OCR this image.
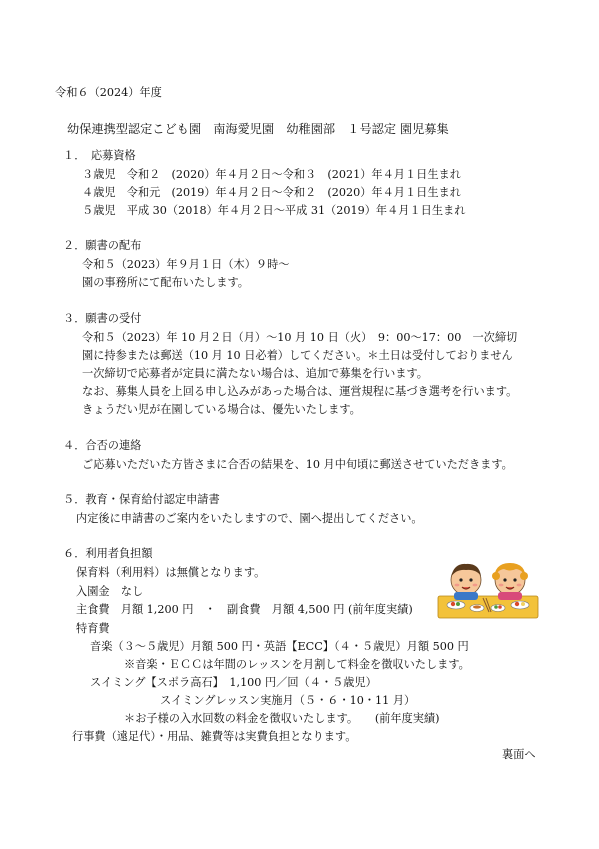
令和６（2024）年度
幼保連携型認定こども園　南海愛児園　幼稚園部　１号認定 園児募集
１．　応募資格
３歳児　令和２　(2020）年４月２日～令和３　(2021）年４月１日生まれ
４歳児　令和元　(2019）年４月２日～令和２　(2020）年４月１日生まれ
５歳児　平成 30（2018）年４月２日～平成 31（2019）年４月１日生まれ
２．願書の配布
令和５（2023）年９月１日（木）９時～
園の事務所にて配布いたします。
３．願書の受付
令和５（2023）年 10 月２日（月）～10 月 10 日（火）　9：00～17：00　一次締切
園に持参または郵送（10 月 10 日必着）してください。＊土日は受付しておりません
一次締切で応募者が定員に満たない場合は、追加で募集を行います。
なお、募集人員を上回る申し込みがあった場合は、運営規程に基づき選考を行います。
きょうだい児が在園している場合は、優先いたします。
４．合否の連絡
ご応募いただいた方皆さまに合否の結果を、10 月中旬頃に郵送させていただきます。
５．教育・保育給付認定申請書
内定後に申請書のご案内をいたしますので、園へ提出してください。
６．利用者負担額
保育料（利用料）は無償となります。
入園金　なし
主食費　月額 1,200 円　・　副食費　月額 4,500 円 (前年度実績)
特育費
音楽（３～５歳児）月額 500 円・英語【ECC】（４・５歳児）月額 500 円
※音楽・ＥＣＣは年間のレッスンを月割して料金を徴収いたします。
スイミング【スポラ高石】　1,100 円／回（４・５歳児）
スイミングレッスン実施月（５・６・10・11 月）
＊お子様の入水回数の料金を徴収いたします。　　(前年度実績)
行事費（遠足代）・用品、雑費等は実費負担となります。
裏面へ
